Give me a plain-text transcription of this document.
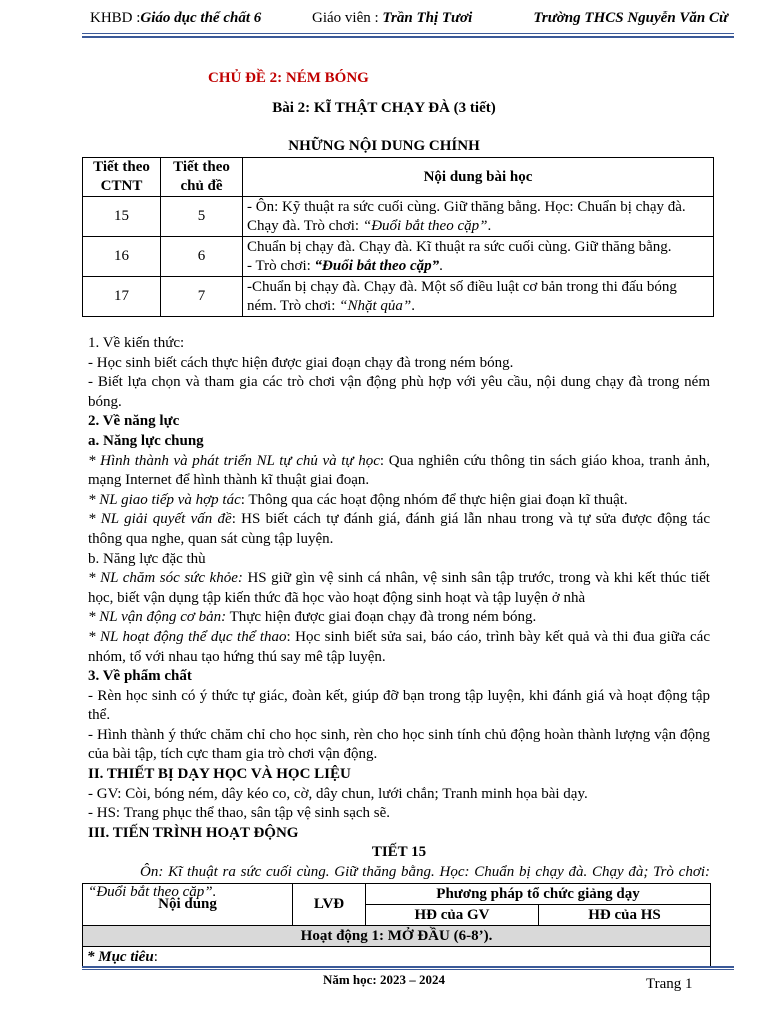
KHBD :Giáo dục thể chất 6	Giáo viên : Trần Thị Tươi	Trường THCS Nguyễn Văn Cừ
CHỦ ĐỀ 2: NÉM BÓNG
Bài 2: KĨ THẬT CHẠY ĐÀ (3 tiết)
NHỮNG NỘI DUNG CHÍNH
Tiết theo CTNT	Tiết theo chủ đề	Nội dung bài học
15	5	- Ôn: Kỹ thuật ra sức cuối cùng. Giữ thăng bằng. Học: Chuẩn bị chạy đà. Chạy đà. Trò chơi: “Đuổi bắt theo cặp”.
16	6	Chuẩn bị chạy đà. Chạy đà. Kĩ thuật ra sức cuối cùng. Giữ thăng bằng.
- Trò chơi: “Đuổi bắt theo cặp”.
17	7	-Chuẩn bị chạy đà. Chạy đà. Một số điều luật cơ bản trong thi đấu bóng ném. Trò chơi: “Nhặt qủa”.

1. Về kiến thức:

- Học sinh biết cách thực hiện được giai đoạn chạy đà trong ném bóng.

- Biết lựa chọn và tham gia các trò chơi vận động phù hợp với yêu cầu, nội dung chạy đà trong ném bóng.

2. Về năng lực

a. Năng lực chung

* Hình thành và phát triển NL tự chủ và tự học: Qua nghiên cứu thông tin sách giáo khoa, tranh ảnh, mạng Internet để hình thành kĩ thuật giai đoạn.

* NL giao tiếp và hợp tác: Thông qua các hoạt động nhóm để thực hiện giai đoạn kĩ thuật.

* NL giải quyết vấn đề: HS biết cách tự đánh giá, đánh giá lẫn nhau trong và tự sửa được động tác thông qua nghe, quan sát cùng tập luyện.

b. Năng lực đặc thù

* NL chăm sóc sức khỏe: HS giữ gìn vệ sinh cá nhân, vệ sinh sân tập trước, trong và khi kết thúc tiết học, biết vận dụng tập kiến thức đã học vào hoạt động sinh hoạt và tập luyện ở nhà

* NL vận động cơ bản: Thực hiện được giai đoạn chạy đà trong ném bóng.

* NL hoạt động thể dục thể thao: Học sinh biết sửa sai, báo cáo, trình bày kết quả và thi đua giữa các nhóm, tổ với nhau tạo hứng thú say mê tập luyện.

3. Về phẩm chất

- Rèn học sinh có ý thức tự giác, đoàn kết, giúp đỡ bạn trong tập luyện, khi đánh giá và hoạt động tập thể.

- Hình thành ý thức chăm chỉ cho học sinh, rèn cho học sinh tính chủ động hoàn thành lượng vận động của bài tập, tích cực tham gia trò chơi vận động.

II. THIẾT BỊ DẠY HỌC VÀ HỌC LIỆU

- GV: Còi, bóng ném, dây kéo co, cờ, dây chun, lưới chắn; Tranh minh họa bài dạy.

- HS: Trang phục thể thao, sân tập vệ sinh sạch sẽ.

III. TIẾN TRÌNH HOẠT ĐỘNG

TIẾT 15

Ôn: Kĩ thuật ra sức cuối cùng. Giữ thăng bằng. Học: Chuẩn bị chạy đà. Chạy đà; Trò chơi: “Đuổi bắt theo cặp”.

Nội dung	LVĐ	Phương pháp tổ chức giảng dạy	
		HĐ của GV	HĐ của HS
Hoạt động 1: MỞ ĐẦU (6-8’).			
* Mục tiêu:			
Năm học: 2023 – 2024	Trang 1
